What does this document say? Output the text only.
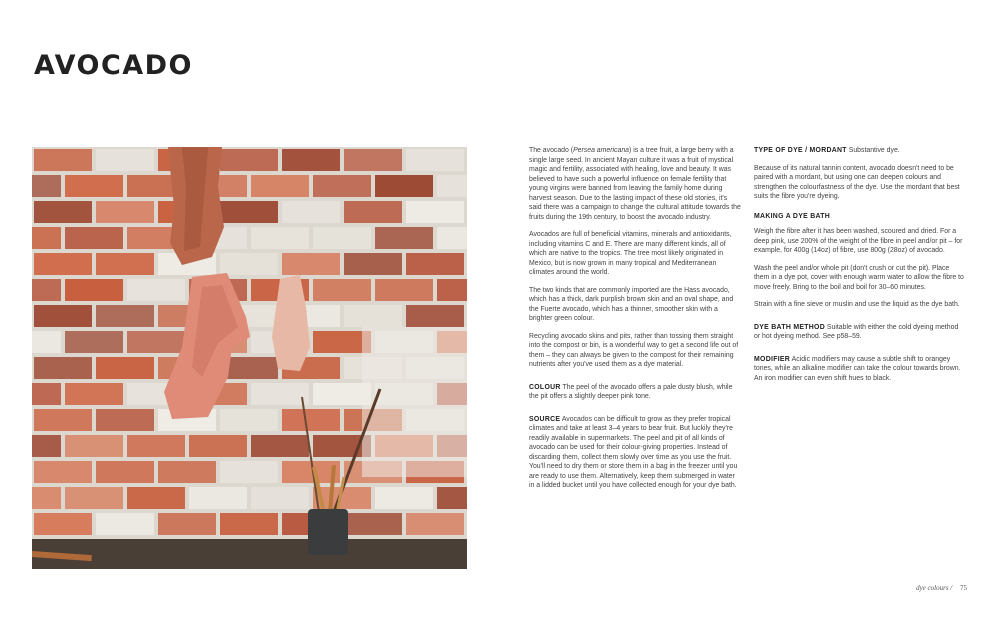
AVOCADO

The avocado (Persea americana) is a tree fruit, a large berry with a single large seed. In ancient Mayan culture it was a fruit of mystical magic and fertility, associated with healing, love and beauty. It was believed to have such a powerful influence on female fertility that young virgins were banned from leaving the family home during harvest season. Due to the lasting impact of these old stories, it's said there was a campaign to change the cultural attitude towards the fruits during the 19th century, to boost the avocado industry.

Avocados are full of beneficial vitamins, minerals and antioxidants, including vitamins C and E. There are many different kinds, all of which are native to the tropics. The tree most likely originated in Mexico, but is now grown in many tropical and Mediterranean climates around the world.

The two kinds that are commonly imported are the Hass avocado, which has a thick, dark purplish brown skin and an oval shape, and the Fuerte avocado, which has a thinner, smoother skin with a brighter green colour.

Recycling avocado skins and pits, rather than tossing them straight into the compost or bin, is a wonderful way to get a second life out of them – they can always be given to the compost for their remaining nutrients after you've used them as a dye material.

COLOUR The peel of the avocado offers a pale dusty blush, while the pit offers a slightly deeper pink tone.

SOURCE Avocados can be difficult to grow as they prefer tropical climates and take at least 3–4 years to bear fruit. But luckily they're readily available in supermarkets. The peel and pit of all kinds of avocado can be used for their colour-giving properties. Instead of discarding them, collect them slowly over time as you use the fruit. You'll need to dry them or store them in a bag in the freezer until you are ready to use them. Alternatively, keep them submerged in water in a lidded bucket until you have collected enough for your dye bath.

TYPE OF DYE / MORDANT Substantive dye.

Because of its natural tannin content, avocado doesn't need to be paired with a mordant, but using one can deepen colours and strengthen the colourfastness of the dye. Use the mordant that best suits the fibre you're dyeing.

MAKING A DYE BATH

Weigh the fibre after it has been washed, scoured and dried. For a deep pink, use 200% of the weight of the fibre in peel and/or pit – for example, for 400g (14oz) of fibre, use 800g (28oz) of avocado.

Wash the peel and/or whole pit (don't crush or cut the pit). Place them in a dye pot, cover with enough warm water to allow the fibre to move freely. Bring to the boil and boil for 30–60 minutes.

Strain with a fine sieve or muslin and use the liquid as the dye bath.

DYE BATH METHOD Suitable with either the cold dyeing method or hot dyeing method. See p58–59.

MODIFIER Acidic modifiers may cause a subtle shift to orangey tones, while an alkaline modifier can take the colour towards brown. An iron modifier can even shift hues to black.

dye colours / 75
